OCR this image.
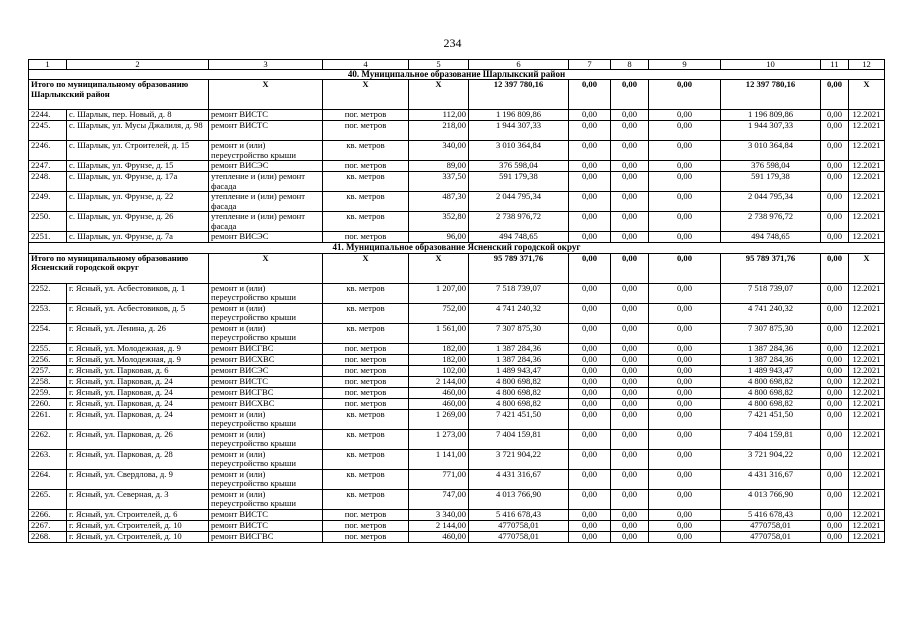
234
1	2	3	4	5	6	7	8	9	10	11	12	
40. Муниципальное образование Шарлыкский район												
Итого по муниципальному образованию Шарлыкский район		X	X	X	12 397 780,16	0,00	0,00	0,00	12 397 780,16	0,00	X	
2244.	с. Шарлык, пер. Новый, д. 8	ремонт ВИСТС	пог. метров	112,00	1 196 809,86	0,00	0,00	0,00	1 196 809,86	0,00	12.2021	
2245.	с. Шарлык, ул. Мусы Джалиля, д. 98	ремонт ВИСТС	пог. метров	218,00	1 944 307,33	0,00	0,00	0,00	1 944 307,33	0,00	12.2021	
2246.	с. Шарлык, ул. Строителей, д. 15	ремонт и (или) переустройство крыши	кв. метров	340,00	3 010 364,84	0,00	0,00	0,00	3 010 364,84	0,00	12.2021	
2247.	с. Шарлык, ул. Фрунзе, д. 15	ремонт ВИСЭС	пог. метров	89,00	376 598,04	0,00	0,00	0,00	376 598,04	0,00	12.2021	
2248.	с. Шарлык, ул. Фрунзе, д. 17а	утепление и (или) ремонт фасада	кв. метров	337,50	591 179,38	0,00	0,00	0,00	591 179,38	0,00	12.2021	
2249.	с. Шарлык, ул. Фрунзе, д. 22	утепление и (или) ремонт фасада	кв. метров	487,30	2 044 795,34	0,00	0,00	0,00	2 044 795,34	0,00	12.2021	
2250.	с. Шарлык, ул. Фрунзе, д. 26	утепление и (или) ремонт фасада	кв. метров	352,80	2 738 976,72	0,00	0,00	0,00	2 738 976,72	0,00	12.2021	
2251.	с. Шарлык, ул. Фрунзе, д. 7а	ремонт ВИСЭС	пог. метров	96,00	494 748,65	0,00	0,00	0,00	494 748,65	0,00	12.2021	
41. Муниципальное образование Ясненский городской округ												
Итого по муниципальному образованию Ясненский городской округ		X	X	X	95 789 371,76	0,00	0,00	0,00	95 789 371,76	0,00	X	
2252.	г. Ясный, ул. Асбестовиков, д. 1	ремонт и (или) переустройство крыши	кв. метров	1 207,00	7 518 739,07	0,00	0,00	0,00	7 518 739,07	0,00	12.2021	
2253.	г. Ясный, ул. Асбестовиков, д. 5	ремонт и (или) переустройство крыши	кв. метров	752,00	4 741 240,32	0,00	0,00	0,00	4 741 240,32	0,00	12.2021	
2254.	г. Ясный, ул. Ленина, д. 26	ремонт и (или) переустройство крыши	кв. метров	1 561,00	7 307 875,30	0,00	0,00	0,00	7 307 875,30	0,00	12.2021	
2255.	г. Ясный, ул. Молодежная, д. 9	ремонт ВИСГВС	пог. метров	182,00	1 387 284,36	0,00	0,00	0,00	1 387 284,36	0,00	12.2021	
2256.	г. Ясный, ул. Молодежная, д. 9	ремонт ВИСХВС	пог. метров	182,00	1 387 284,36	0,00	0,00	0,00	1 387 284,36	0,00	12.2021	
2257.	г. Ясный, ул. Парковая, д. 6	ремонт ВИСЭС	пог. метров	102,00	1 489 943,47	0,00	0,00	0,00	1 489 943,47	0,00	12.2021	
2258.	г. Ясный, ул. Парковая, д. 24	ремонт ВИСТС	пог. метров	2 144,00	4 800 698,82	0,00	0,00	0,00	4 800 698,82	0,00	12.2021	
2259.	г. Ясный, ул. Парковая, д. 24	ремонт ВИСГВС	пог. метров	460,00	4 800 698,82	0,00	0,00	0,00	4 800 698,82	0,00	12.2021	
2260.	г. Ясный, ул. Парковая, д. 24	ремонт ВИСХВС	пог. метров	460,00	4 800 698,82	0,00	0,00	0,00	4 800 698,82	0,00	12.2021	
2261.	г. Ясный, ул. Парковая, д. 24	ремонт и (или) переустройство крыши	кв. метров	1 269,00	7 421 451,50	0,00	0,00	0,00	7 421 451,50	0,00	12.2021	
2262.	г. Ясный, ул. Парковая, д. 26	ремонт и (или) переустройство крыши	кв. метров	1 273,00	7 404 159,81	0,00	0,00	0,00	7 404 159,81	0,00	12.2021	
2263.	г. Ясный, ул. Парковая, д. 28	ремонт и (или) переустройство крыши	кв. метров	1 141,00	3 721 904,22	0,00	0,00	0,00	3 721 904,22	0,00	12.2021	
2264.	г. Ясный, ул. Свердлова, д. 9	ремонт и (или) переустройство крыши	кв. метров	771,00	4 431 316,67	0,00	0,00	0,00	4 431 316,67	0,00	12.2021	
2265.	г. Ясный, ул. Северная, д. 3	ремонт и (или) переустройство крыши	кв. метров	747,00	4 013 766,90	0,00	0,00	0,00	4 013 766,90	0,00	12.2021	
2266.	г. Ясный, ул. Строителей, д. 6	ремонт ВИСТС	пог. метров	3 340,00	5 416 678,43	0,00	0,00	0,00	5 416 678,43	0,00	12.2021	
2267.	г. Ясный, ул. Строителей, д. 10	ремонт ВИСТС	пог. метров	2 144,00	4770758,01	0,00	0,00	0,00	4770758,01	0,00	12.2021	
2268.	г. Ясный, ул. Строителей, д. 10	ремонт ВИСГВС	пог. метров	460,00	4770758,01	0,00	0,00	0,00	4770758,01	0,00	12.2021	
